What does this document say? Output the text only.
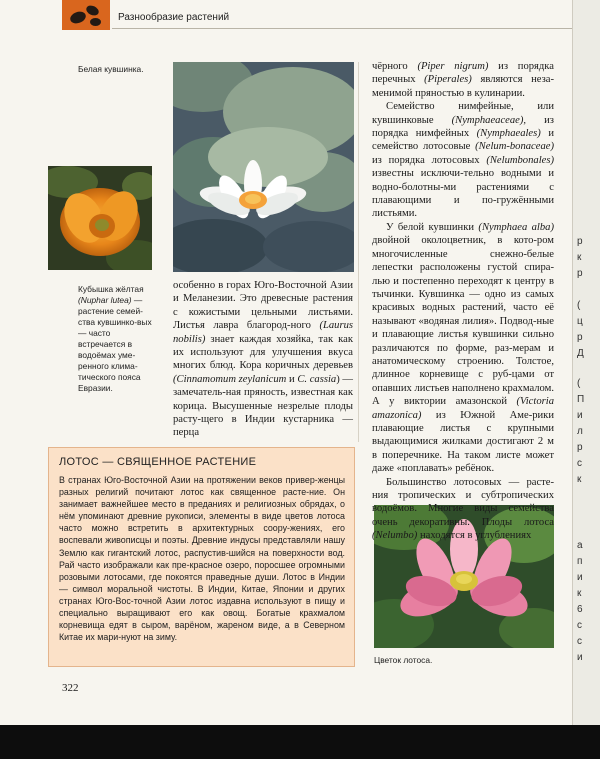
Разнообразие растений
Белая кувшинка.
Кубышка жёлтая
(Nuphar lutea) — растение семей-ства кувшинко-вых — часто встречается в водоёмах уме-ренного клима-тического пояса Евразии.
Цветок лотоса.

особенно в горах Юго-Восточной Азии и Меланезии. Это древесные растения с кожистыми цельными листьями. Листья лавра благород-ного (Laurus nobilis) знает каждая хозяйка, так как их используют для улучшения вкуса многих блюд. Кора коричных деревьев (Cinnamomum zeylanicum и C. cassia) — замечатель-ная пряность, известная как корица. Высушенные незрелые плоды расту-щего в Индии кустарника — перца

чёрного (Piper nigrum) из порядка перечных (Piperales) являются неза-менимой пряностью в кулинарии.

Семейство нимфейные, или кувшинковые (Nymphaeaceae), из порядка нимфейных (Nymphaeales) и семейство лотосовые (Nelum-bonaceae) из порядка лотосовых (Nelumbonales) известны исключи-тельно водными и водно-болотны-ми растениями с плавающими и по-гружёнными листьями.

У белой кувшинки (Nymphaea alba) двойной околоцветник, в кото-ром многочисленные снежно-белые лепестки расположены густой спира-лью и постепенно переходят к центру в тычинки. Кувшинка — одно из самых красивых водных растений, часто её называют «водяная лилия». Подвод-ные и плавающие листья кувшинки сильно различаются по форме, раз-мерам и анатомическому строению. Толстое, длинное корневище с руб-цами от опавших листьев наполнено крахмалом. А у виктории амазонской (Victoria amazonica) из Южной Аме-рики плавающие листья с крупными выдающимися жилками достигают 2 м в поперечнике. На таком листе может даже «поплавать» ребёнок.

Большинство лотосовых — расте-ния тропических и субтропических водоёмов. Многие виды семейства очень декоративны. Плоды лотоса (Nelumbo) находятся в углублениях

ЛОТОС — СВЯЩЕННОЕ РАСТЕНИЕ
В странах Юго-Восточной Азии на протяжении веков привер-женцы разных религий почитают лотос как священное расте-ние. Он занимает важнейшее место в преданиях и религиозных обрядах, о нём упоминают древние рукописи, элементы в виде цветов лотоса часто можно встретить в архитектурных соору-жениях, его воспевали живописцы и поэты. Древние индусы представляли нашу Землю как гигантский лотос, распустив-шийся на поверхности вод. Рай часто изображали как пре-красное озеро, поросшее огромными розовыми лотосами, где покоятся праведные души. Лотос в Индии — символ моральной чистоты. В Индии, Китае, Японии и других странах Юго-Вос-точной Азии лотос издавна используют в пищу и специально выращивают его как овощ. Богатые крахмалом корневища едят в сыром, варёном, жареном виде, а в Северном Китае их мари-нуют на зиму.
322
р
к
р
(
ц
р
Д
(
П
и
л
р
с
к
а
п
и
к
6
с
с
и
